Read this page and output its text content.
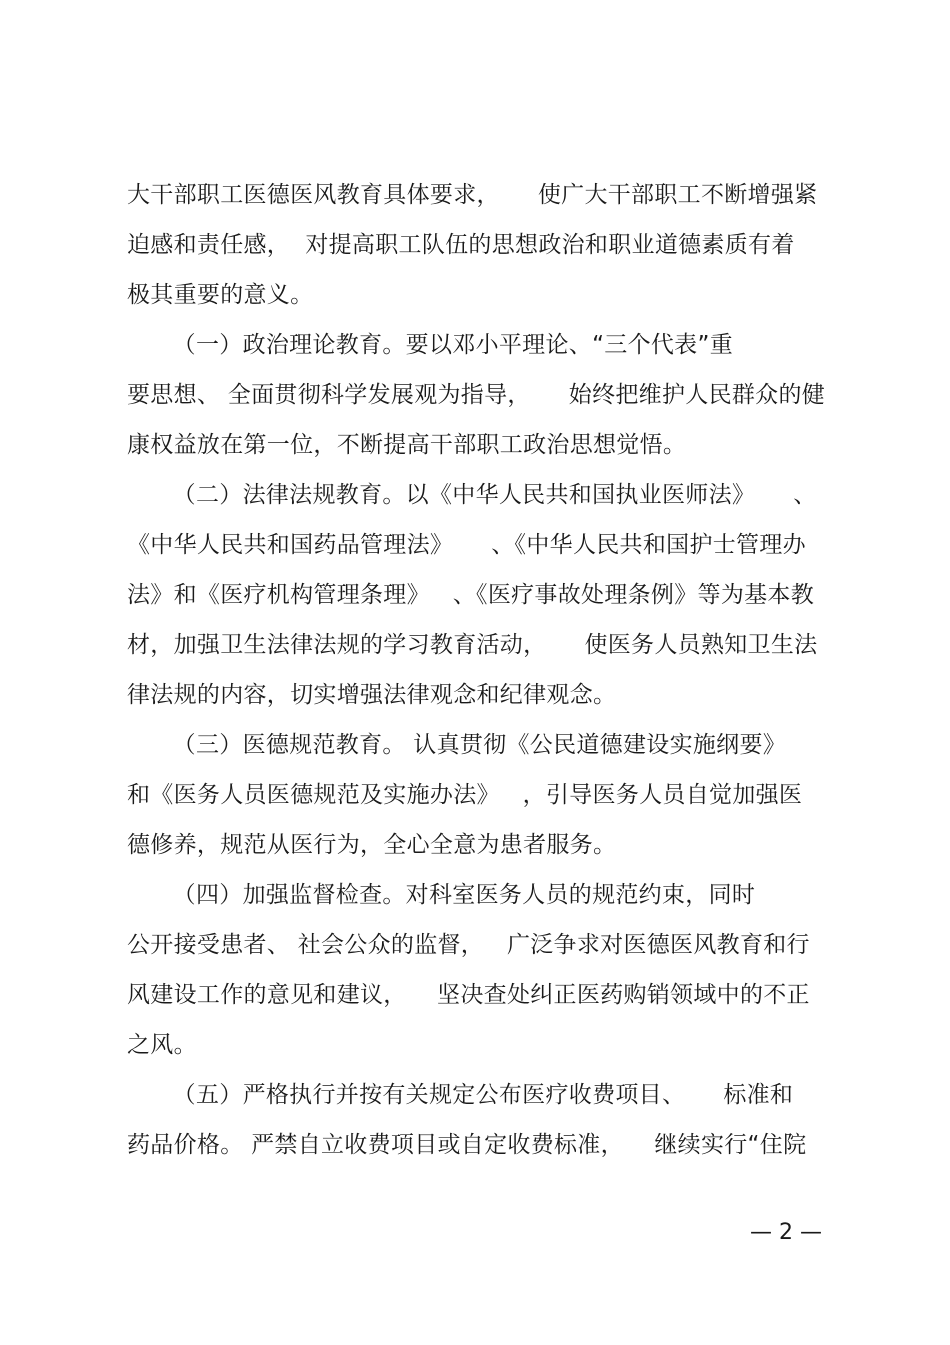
大干部职工医德医风教育具体要求，     使广大干部职工不断增强紧
迫感和责任感，  对提高职工队伍的思想政治和职业道德素质有着
极其重要的意义。
（一）政治理论教育。要以邓小平理论、“三个代表”重
要思想、 全面贯彻科学发展观为指导，     始终把维护人民群众的健
康权益放在第一位，不断提高干部职工政治思想觉悟。
（二）法律法规教育。以《中华人民共和国执业医师法》     、
《中华人民共和国药品管理法》     、《中华人民共和国护士管理办
法》和《医疗机构管理条理》   、《医疗事故处理条例》等为基本教
材，加强卫生法律法规的学习教育活动，     使医务人员熟知卫生法
律法规的内容，切实增强法律观念和纪律观念。
（三）医德规范教育。 认真贯彻《公民道德建设实施纲要》
和《医务人员医德规范及实施办法》   ，引导医务人员自觉加强医
德修养，规范从医行为，全心全意为患者服务。
（四）加强监督检查。对科室医务人员的规范约束，同时
公开接受患者、 社会公众的监督，   广泛争求对医德医风教育和行
风建设工作的意见和建议，    坚决查处纠正医药购销领域中的不正
之风。
（五）严格执行并按有关规定公布医疗收费项目、     标准和
药品价格。 严禁自立收费项目或自定收费标准，    继续实行“住院
— 2 —
